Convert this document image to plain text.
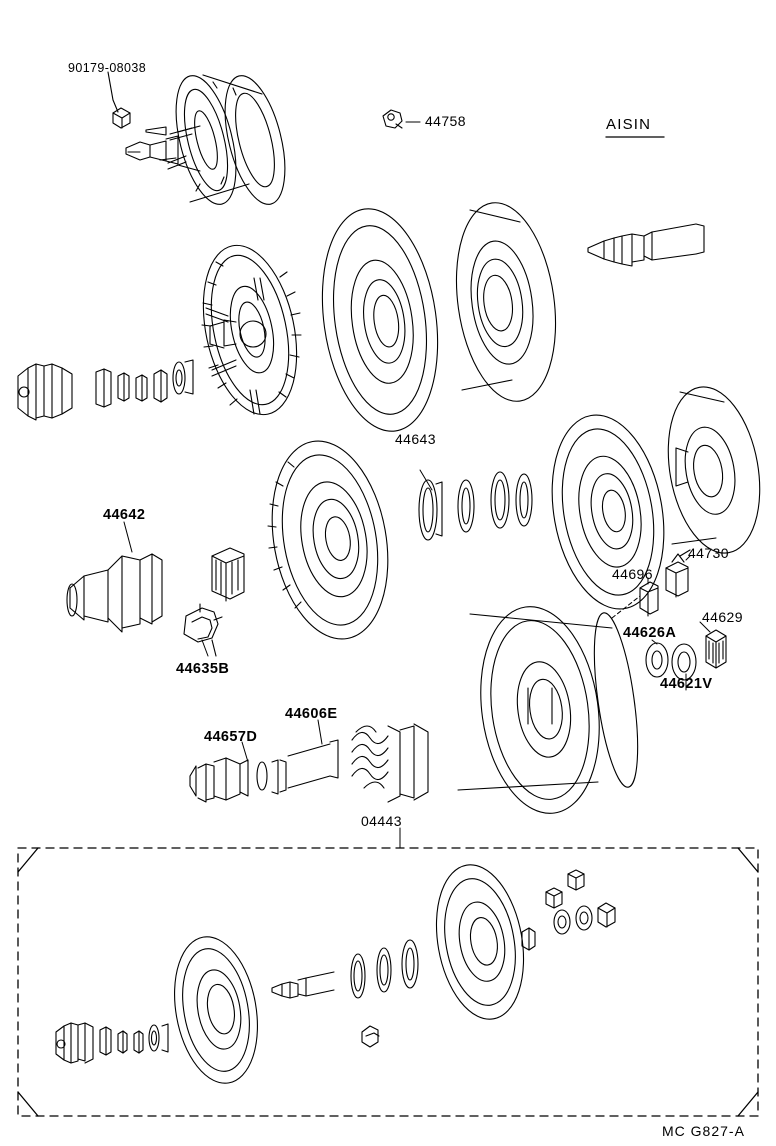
90179-08038
44758
44643
44642
44635B
44730
44696
44629
44626A
44621V
44606E
44657D
04443
AISIN
MC G827-A
